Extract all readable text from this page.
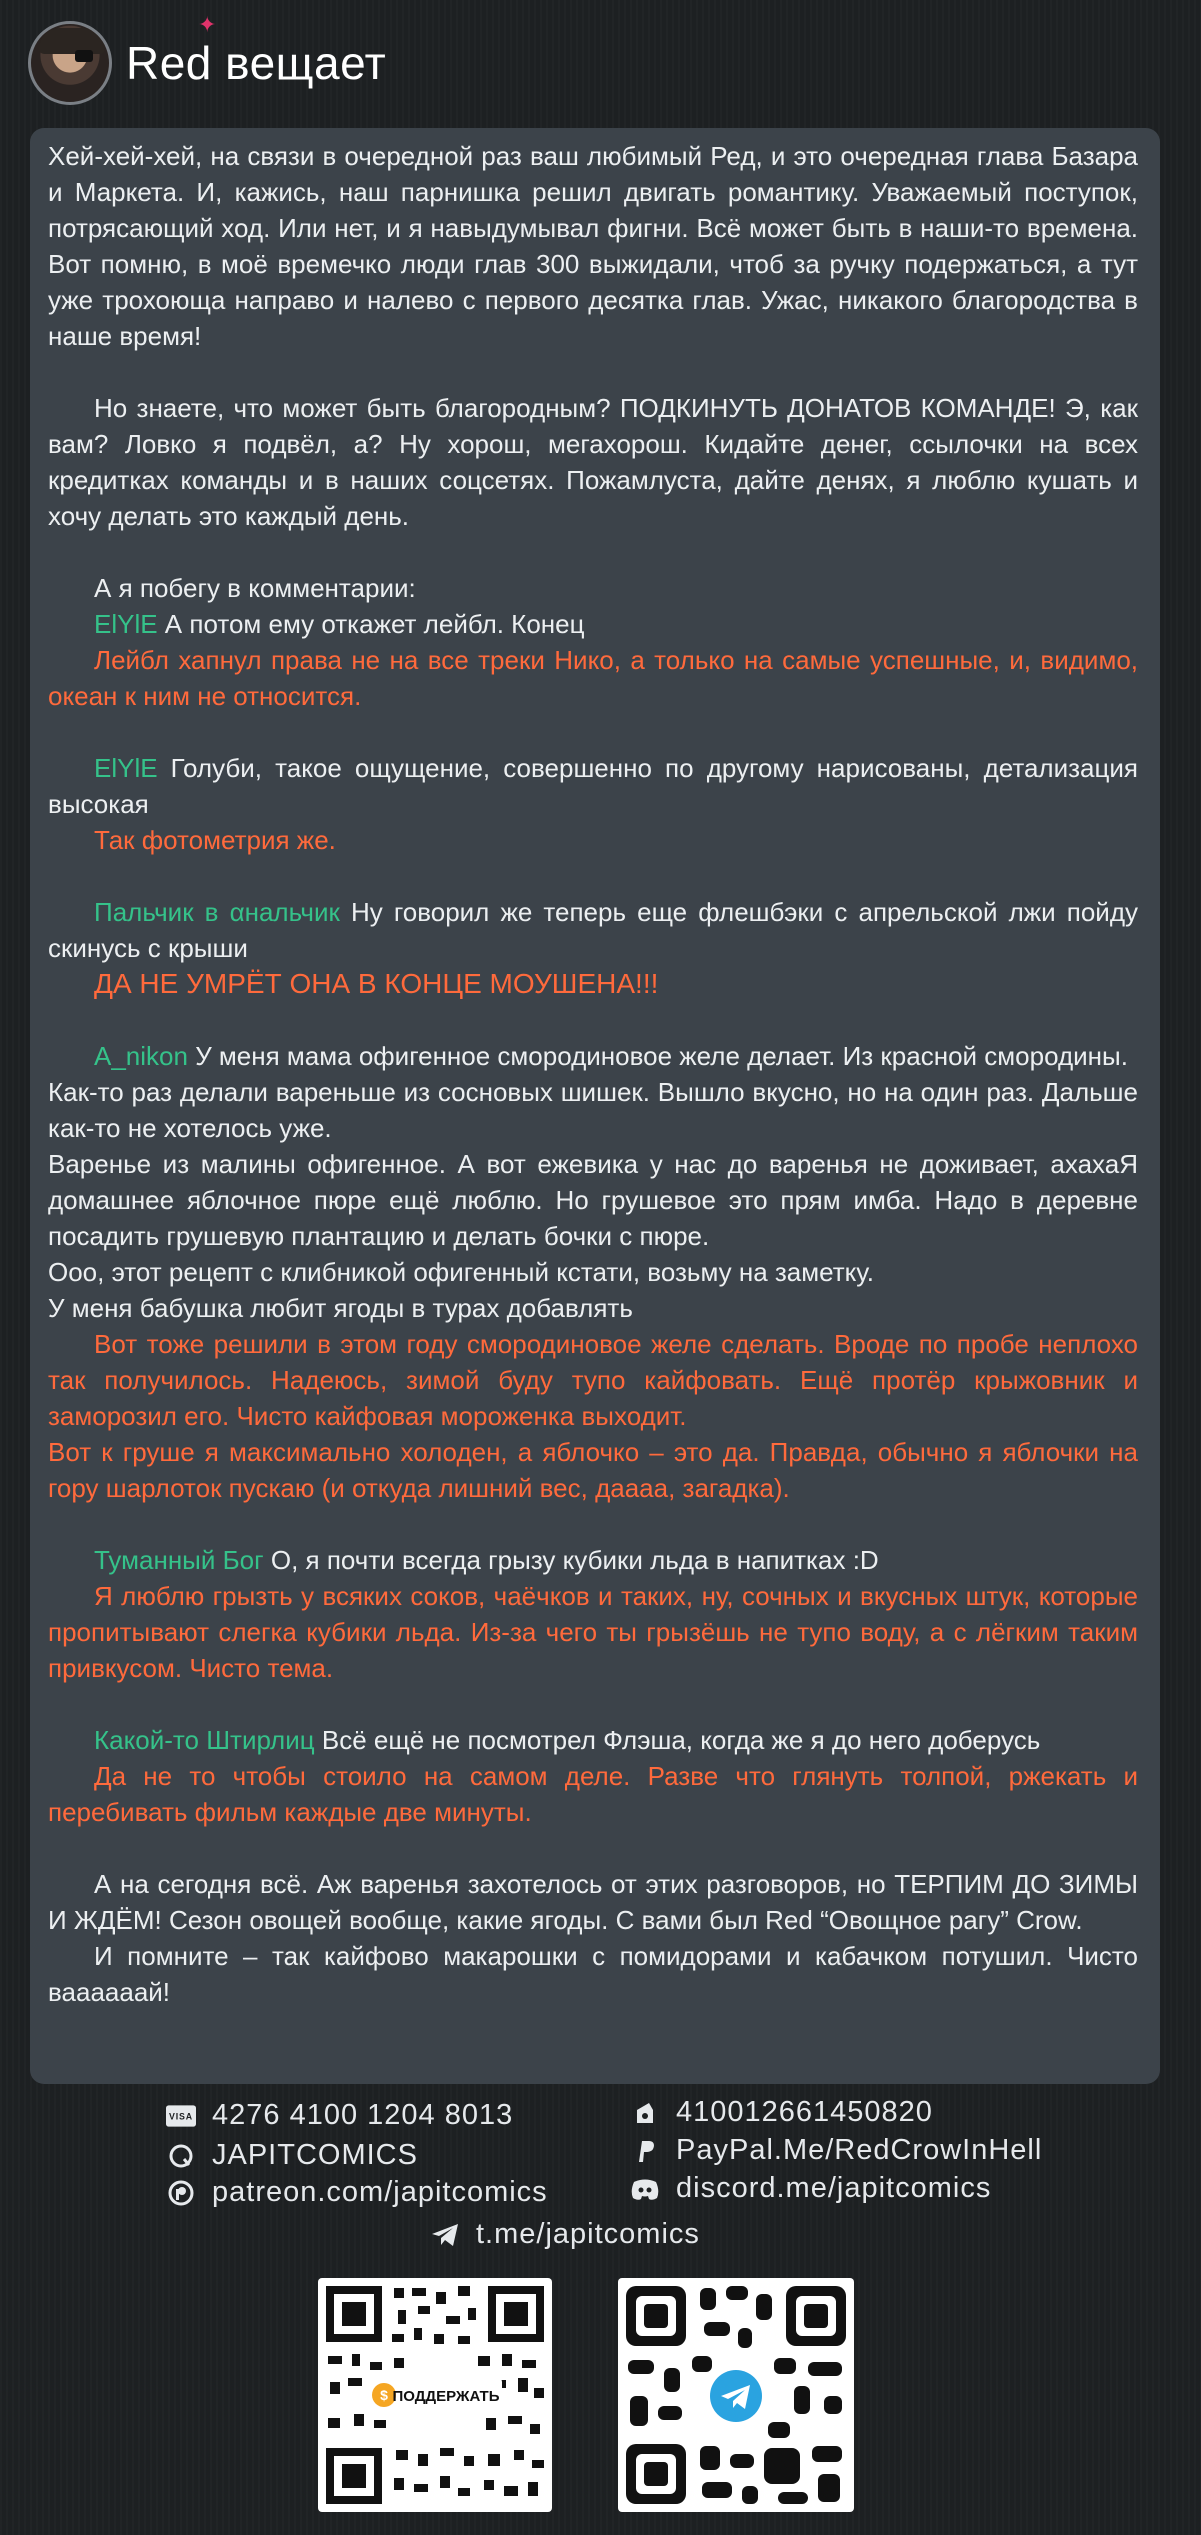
Red вещает
✦

Хей-хей-хей, на связи в очередной раз ваш любимый Ред, и это очередная глава Базара и Маркета. И, кажись, наш парнишка решил двигать романтику. Уважаемый поступок, потрясающий ход. Или нет, и я навыдумывал фигни. Всё может быть в наши-то времена. Вот помню, в моё времечко люди глав 300 выжидали, чтоб за ручку подержаться, а тут уже трохоюща направо и налево с первого десятка глав. Ужас, никакого благородства в наше время!

Но знаете, что может быть благородным? ПОДКИНУТЬ ДОНАТОВ КОМАНДЕ! Э, как вам? Ловко я подвёл, а? Ну хорош, мегахорош. Кидайте денег, ссылочки на всех кредитках команды и в наших соцсетях. Пожамлуста, дайте денях, я люблю кушать и хочу делать это каждый день.

А я побегу в комментарии:

ElYlE А потом ему откажет лейбл. Конец

Лейбл хапнул права не на все треки Нико, а только на самые успешные, и, видимо, океан к ним не относится.

ElYlE Голуби, такое ощущение, совершенно по другому нарисованы, детализация высокая

Так фотометрия же.

Пальчик в αнальчик Ну говорил же теперь еще флешбэки с апрельской лжи пойду скинусь с крыши

ДА НЕ УМРЁТ ОНА В КОНЦЕ МОУШЕНА!!!

A_nikon У меня мама офигенное смородиновое желе делает. Из красной смородины.

Как-то раз делали вареньше из сосновых шишек. Вышло вкусно, но на один раз. Дальше как-то не хотелось уже.

Варенье из малины офигенное. А вот ежевика у нас до варенья не доживает, ахахаЯ домашнее яблочное пюре ещё люблю. Но грушевое это прям имба. Надо в деревне посадить грушевую плантацию и делать бочки с пюре.

Ооо, этот рецепт с клибникой офигенный кстати, возьму на заметку.

У меня бабушка любит ягоды в турах добавлять

Вот тоже решили в этом году смородиновое желе сделать. Вроде по пробе неплохо так получилось. Надеюсь, зимой буду тупо кайфовать. Ещё протёр крыжовник и заморозил его. Чисто кайфовая мороженка выходит.

Вот к груше я максимально холоден, а яблочко – это да. Правда, обычно я яблочки на гору шарлоток пускаю (и откуда лишний вес, даааа, загадка).

Туманный Бог О, я почти всегда грызу кубики льда в напитках :D

Я люблю грызть у всяких соков, чаёчков и таких, ну, сочных и вкусных штук, которые пропитывают слегка кубики льда. Из-за чего ты грызёшь не тупо воду, а с лёгким таким привкусом. Чисто тема.

Какой-то Штирлиц Всё ещё не посмотрел Флэша, когда же я до него доберусь

Да не то чтобы стоило на самом деле. Разве что глянуть толпой, ржекать и перебивать фильм каждые две минуты.

А на сегодня всё. Аж варенья захотелось от этих разговоров, но ТЕРПИМ ДО ЗИМЫ И ЖДЁМ! Сезон овощей вообще, какие ягоды. С вами был Red “Овощное рагу” Crow.

И помните – так кайфово макарошки с помидорами и кабачком потушил. Чисто ваааааай!

VISA 4276 4100 1204 8013
JAPITCOMICS
patreon.com/japitcomics
410012661450820
PayPal.Me/RedCrowInHell
discord.me/japitcomics
t.me/japitcomics
$ ПОДДЕРЖАТЬ
